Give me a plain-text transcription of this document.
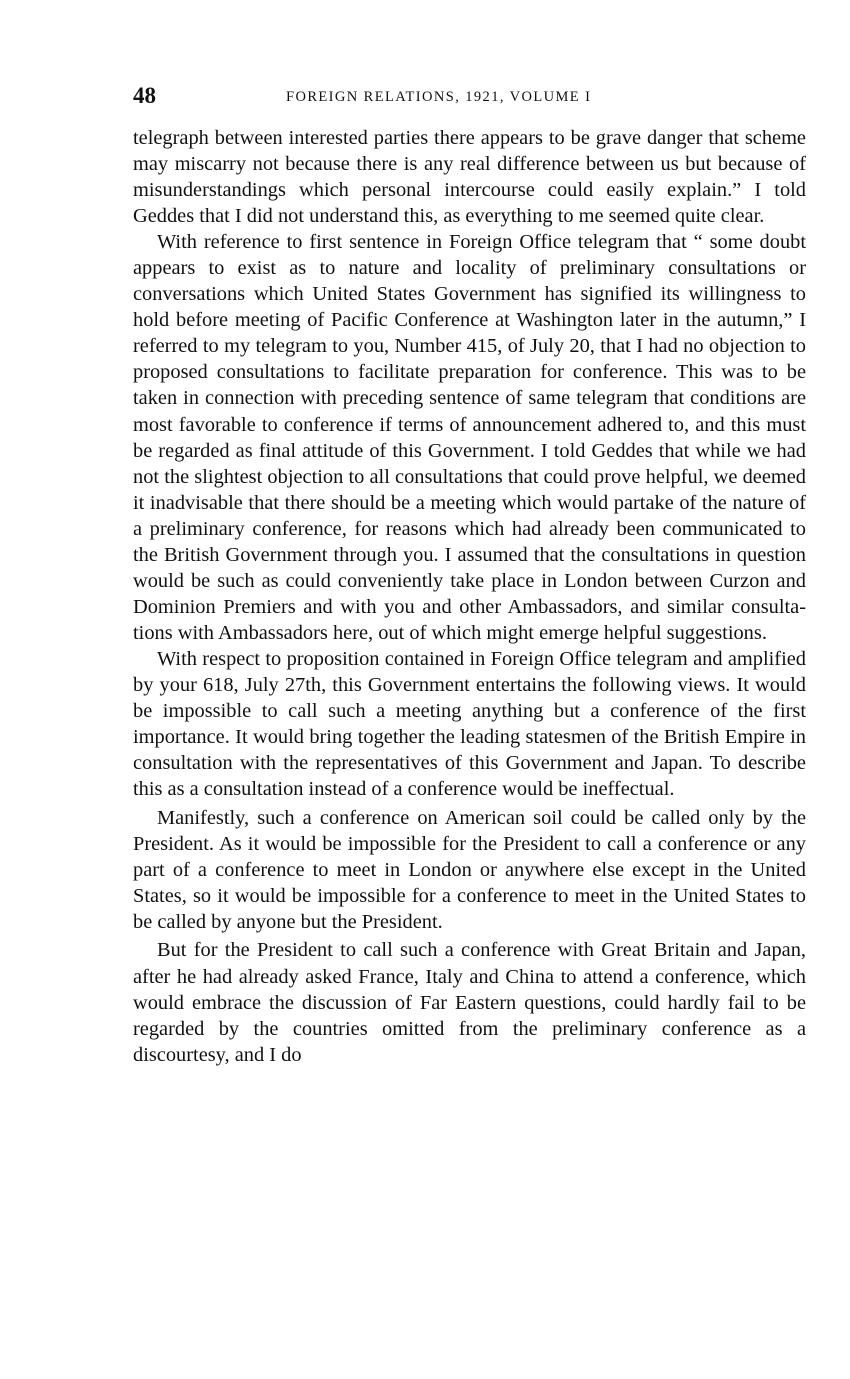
48	FOREIGN RELATIONS, 1921, VOLUME I

telegraph between interested parties there appears to be grave danger that scheme may miscarry not because there is any real difference between us but because of misunderstandings which personal intercourse could easily explain.” I told Geddes that I did not understand this, as everything to me seemed quite clear.

With reference to first sentence in Foreign Office telegram that “ some doubt appears to exist as to nature and locality of preliminary consultations or conversations which United States Government has signified its willingness to hold before meeting of Pacific Conference at Washington later in the autumn,” I referred to my telegram to you, Number 415, of July 20, that I had no objection to proposed consultations to facilitate preparation for conference. This was to be taken in connection with preceding sentence of same telegram that conditions are most favorable to conference if terms of announcement adhered to, and this must be regarded as final attitude of this Government. I told Geddes that while we had not the slightest objection to all consultations that could prove helpful, we deemed it inadvisable that there should be a meeting which would partake of the nature of a preliminary conference, for reasons which had already been communicated to the British Government through you. I assumed that the consultations in question would be such as could conveniently take place in London between Curzon and Dominion Premiers and with you and other Ambassadors, and similar consultations with Ambassadors here, out of which might emerge helpful suggestions.

With respect to proposition contained in Foreign Office telegram and amplified by your 618, July 27th, this Government entertains the following views. It would be impossible to call such a meeting anything but a conference of the first importance. It would bring together the leading statesmen of the British Empire in consultation with the representatives of this Government and Japan. To describe this as a consultation instead of a conference would be ineffectual.

Manifestly, such a conference on American soil could be called only by the President. As it would be impossible for the President to call a conference or any part of a conference to meet in London or anywhere else except in the United States, so it would be impossible for a conference to meet in the United States to be called by anyone but the President.

But for the President to call such a conference with Great Britain and Japan, after he had already asked France, Italy and China to attend a conference, which would embrace the discussion of Far Eastern questions, could hardly fail to be regarded by the countries omitted from the preliminary conference as a discourtesy, and I do
